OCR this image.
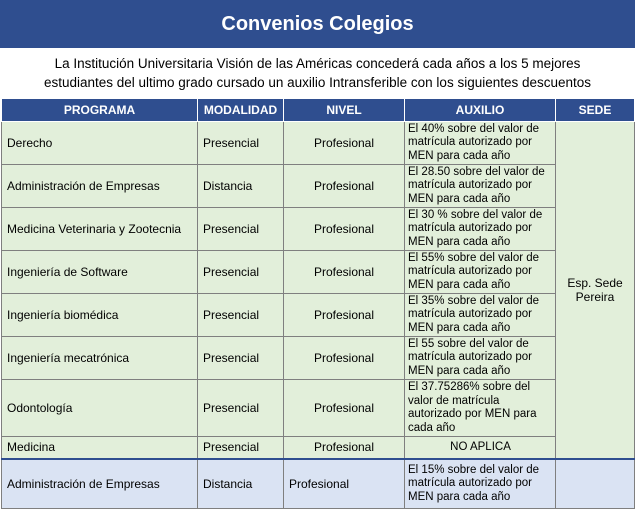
Convenios Colegios
La Institución Universitaria Visión de las Américas concederá cada años a los 5 mejores
estudiantes del ultimo grado cursado un auxilio Intransferible con los siguientes descuentos
PROGRAMA	MODALIDAD	NIVEL	AUXILIO	SEDE
Derecho	Presencial	Profesional	El 40% sobre del valor de matrícula autorizado por MEN para cada año	Esp. Sede Pereira
Administración de Empresas	Distancia	Profesional	El 28.50 sobre del valor de matrícula autorizado por MEN para cada año	
Medicina Veterinaria y Zootecnia	Presencial	Profesional	El 30 % sobre del valor de matrícula autorizado por MEN para cada año	
Ingeniería de Software	Presencial	Profesional	El 55% sobre del valor de matrícula autorizado por MEN para cada año	
Ingeniería biomédica	Presencial	Profesional	El 35% sobre del valor de matrícula autorizado por MEN para cada año	
Ingeniería mecatrónica	Presencial	Profesional	El 55 sobre del valor de matrícula autorizado por MEN para cada año	
Odontología	Presencial	Profesional	El 37.75286% sobre del valor de matrícula autorizado por MEN para cada año	
Medicina	Presencial	Profesional	NO APLICA	
Administración de Empresas	Distancia	Profesional	El 15% sobre del valor de matrícula autorizado por MEN para cada año	
